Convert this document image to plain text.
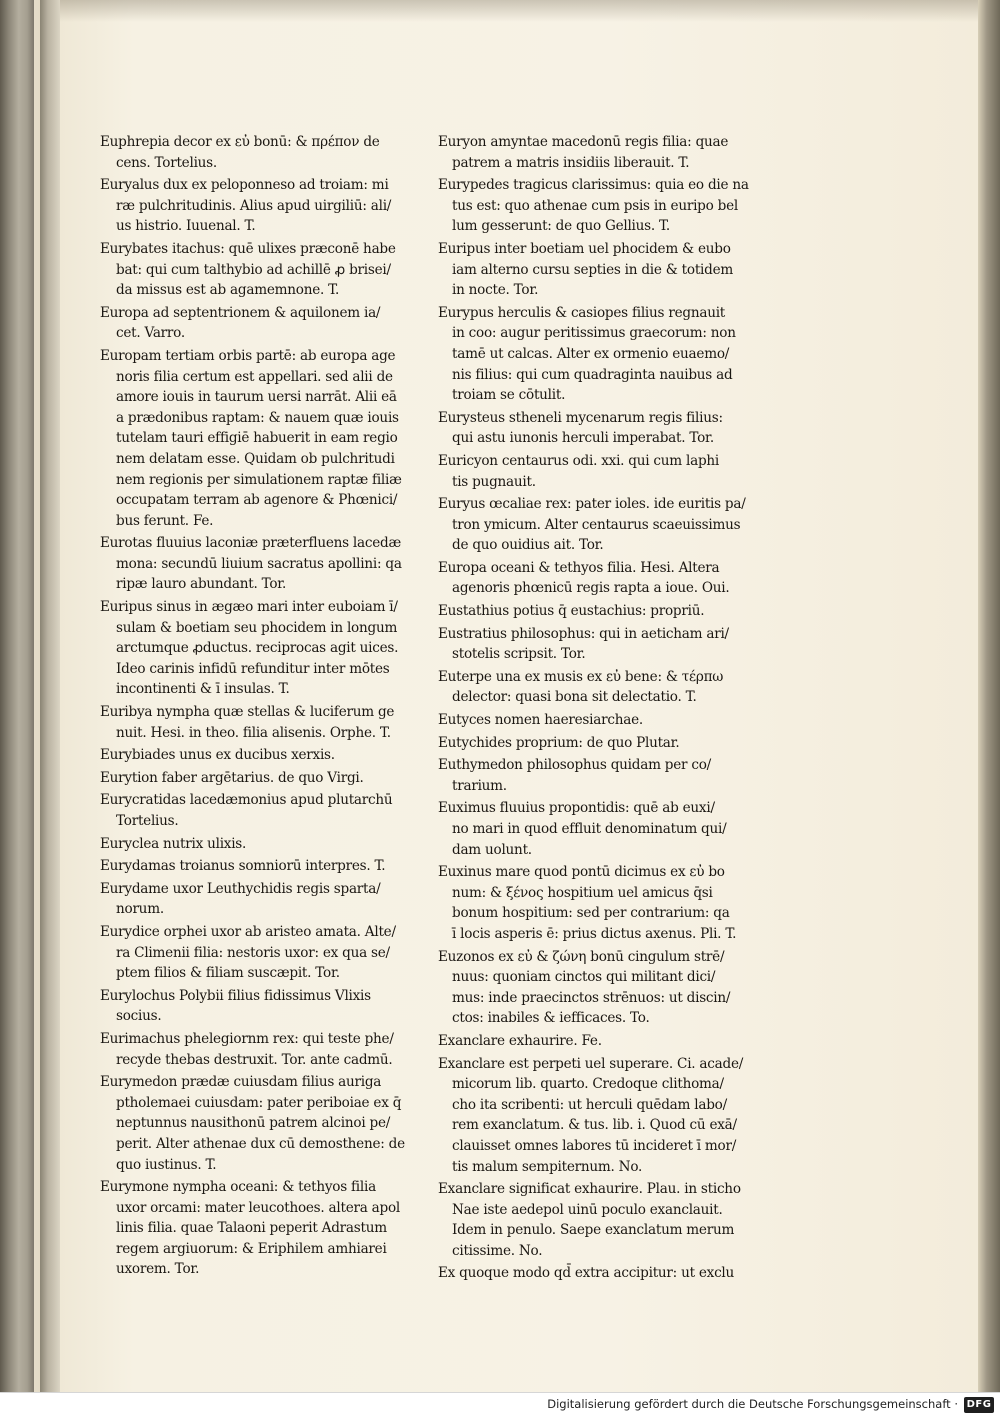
Euphrepia decor ex εὐ bonū: & πρέπον de
cens. Tortelius.
Euryalus dux ex peloponneso ad troiam: mi
ræ pulchritudinis. Alius apud uirgiliū: ali/
us histrio. Iuuenal. T.
Eurybates itachus: quē ulixes præconē habe
bat: qui cum talthybio ad achillē ꝓ brisei/
da missus est ab agamemnone. T.
Europa ad septentrionem & aquilonem ia/
cet. Varro.
Europam tertiam orbis partē: ab europa age
noris filia certum est appellari. sed alii de
amore iouis in taurum uersi narrāt. Alii eā
a prædonibus raptam: & nauem quæ iouis
tutelam tauri effigiē habuerit in eam regio
nem delatam esse. Quidam ob pulchritudi
nem regionis per simulationem raptæ filiæ
occupatam terram ab agenore & Phœnici/
bus ferunt. Fe.
Eurotas fluuius laconiæ præterfluens lacedæ
mona: secundū liuium sacratus apollini: qa
ripæ lauro abundant. Tor.
Euripus sinus in ægæo mari inter euboiam ī/
sulam & boetiam seu phocidem in longum
arctumque ꝓductus. reciprocas agit uices.
Ideo carinis infidū refunditur inter mōtes
incontinenti & ī insulas. T.
Euribya nympha quæ stellas & luciferum ge
nuit. Hesi. in theo. filia alisenis. Orphe. T.
Eurybiades unus ex ducibus xerxis.
Eurytion faber argētarius. de quo Virgi.
Eurycratidas lacedæmonius apud plutarchū
Tortelius.
Euryclea nutrix ulixis.
Eurydamas troianus somniorū interpres. T.
Eurydame uxor Leuthychidis regis sparta/
norum.
Eurydice orphei uxor ab aristeo amata. Alte/
ra Climenii filia: nestoris uxor: ex qua se/
ptem filios & filiam suscæpit. Tor.
Eurylochus Polybii filius fidissimus Vlixis
socius.
Eurimachus phelegiornm rex: qui teste phe/
recyde thebas destruxit. Tor. ante cadmū.
Eurymedon prædæ cuiusdam filius auriga
ptholemaei cuiusdam: pater periboiae ex q̄
neptunnus nausithonū patrem alcinoi pe/
perit. Alter athenae dux cū demosthene: de
quo iustinus. T.
Eurymone nympha oceani: & tethyos filia
uxor orcami: mater leucothoes. altera apol
linis filia. quae Talaoni peperit Adrastum
regem argiuorum: & Eriphilem amhiarei
uxorem. Tor.
Euryon amyntae macedonū regis filia: quae
patrem a matris insidiis liberauit. T.
Eurypedes tragicus clarissimus: quia eo die na
tus est: quo athenae cum psis in euripo bel
lum gesserunt: de quo Gellius. T.
Euripus inter boetiam uel phocidem & eubo
iam alterno cursu septies in die & totidem
in nocte. Tor.
Eurypus herculis & casiopes filius regnauit
in coo: augur peritissimus graecorum: non
tamē ut calcas. Alter ex ormenio euaemo/
nis filius: qui cum quadraginta nauibus ad
troiam se cōtulit.
Eurysteus stheneli mycenarum regis filius:
qui astu iunonis herculi imperabat. Tor.
Euricyon centaurus odi. xxi. qui cum laphi
tis pugnauit.
Euryus œcaliae rex: pater ioles. ide euritis pa/
tron ymicum. Alter centaurus scaeuissimus
de quo ouidius ait. Tor.
Europa oceani & tethyos filia. Hesi. Altera
agenoris phœnicū regis rapta a ioue. Oui.
Eustathius potius q̄ eustachius: propriū.
Eustratius philosophus: qui in aeticham ari/
stotelis scripsit. Tor.
Euterpe una ex musis ex εὐ bene: & τέρπω
delector: quasi bona sit delectatio. T.
Eutyces nomen haeresiarchae.
Eutychides proprium: de quo Plutar.
Euthymedon philosophus quidam per co/
trarium.
Euximus fluuius propontidis: quē ab euxi/
no mari in quod effluit denominatum qui/
dam uolunt.
Euxinus mare quod pontū dicimus ex εὐ bo
num: & ξένος hospitium uel amicus q̄si
bonum hospitium: sed per contrarium: qa
ī locis asperis ē: prius dictus axenus. Pli. T.
Euzonos ex εὐ & ζώνη bonū cingulum strē/
nuus: quoniam cinctos qui militant dici/
mus: inde praecinctos strēnuos: ut discin/
ctos: inabiles & iefficaces. To.
Exanclare exhaurire. Fe.
Exanclare est perpeti uel superare. Ci. acade/
micorum lib. quarto. Credoque clithoma/
cho ita scribenti: ut herculi quēdam labo/
rem exanclatum. & tus. lib. i. Quod cū exā/
clauisset omnes labores tū incideret ī mor/
tis malum sempiternum. No.
Exanclare significat exhaurire. Plau. in sticho
Nae iste aedepol uinū poculo exanclauit.
Idem in penulo. Saepe exanclatum merum
citissime. No.
Ex quoque modo qd̄ extra accipitur: ut exclu
Digitalisierung gefördert durch die Deutsche Forschungsgemeinschaft · DFG
